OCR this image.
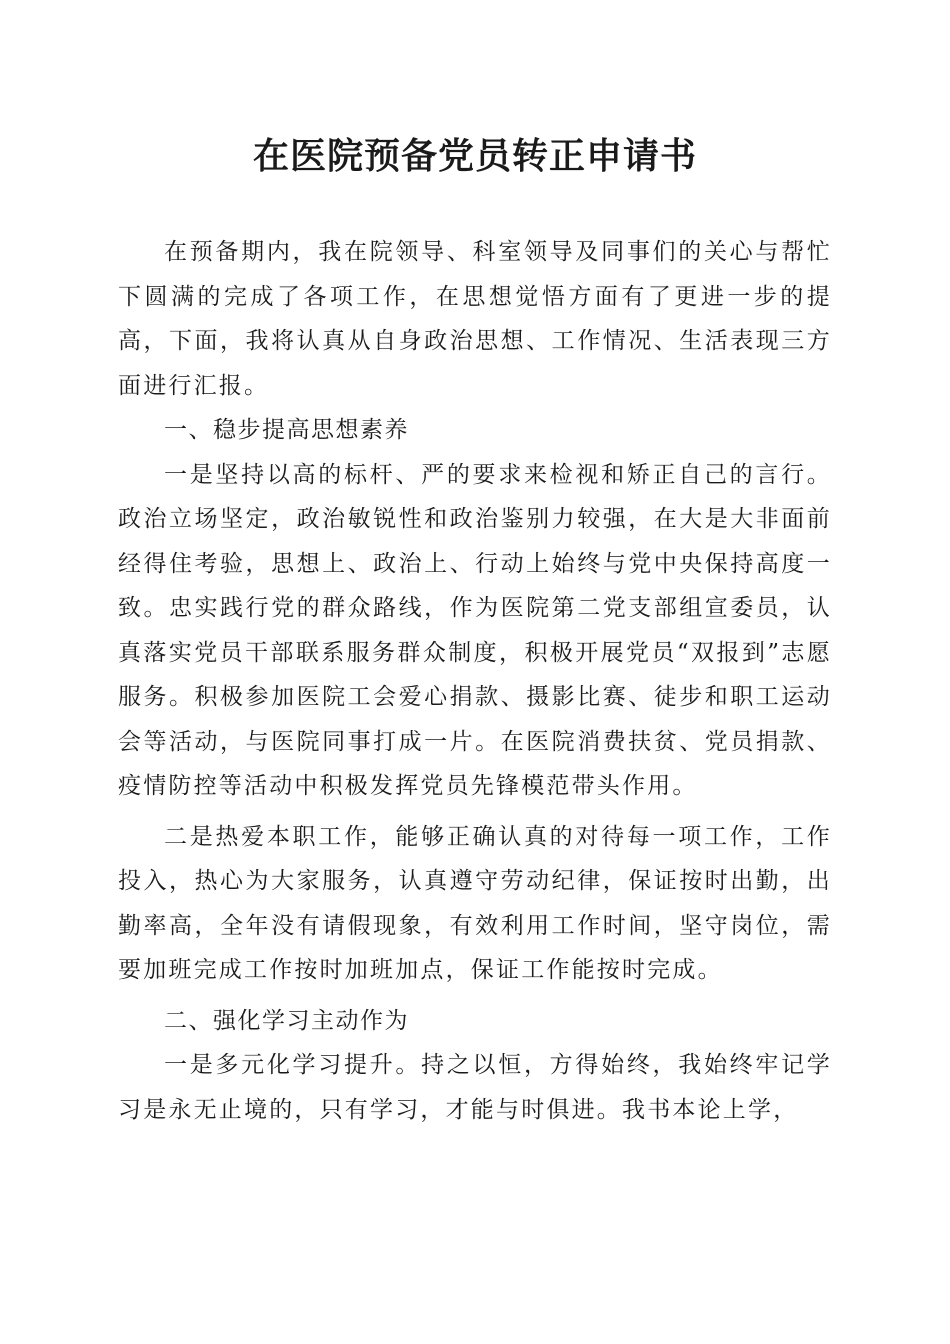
在医院预备党员转正申请书

在预备期内，我在院领导、科室领导及同事们的关心与帮忙下圆满的完成了各项工作，在思想觉悟方面有了更进一步的提高，下面，我将认真从自身政治思想、工作情况、生活表现三方面进行汇报。

一、稳步提高思想素养

一是坚持以高的标杆、严的要求来检视和矫正自己的言行。政治立场坚定，政治敏锐性和政治鉴别力较强，在大是大非面前经得住考验，思想上、政治上、行动上始终与党中央保持高度一致。忠实践行党的群众路线，作为医院第二党支部组宣委员，认真落实党员干部联系服务群众制度，积极开展党员“双报到”志愿服务。积极参加医院工会爱心捐款、摄影比赛、徒步和职工运动会等活动，与医院同事打成一片。在医院消费扶贫、党员捐款、疫情防控等活动中积极发挥党员先锋模范带头作用。

二是热爱本职工作，能够正确认真的对待每一项工作，工作投入，热心为大家服务，认真遵守劳动纪律，保证按时出勤，出勤率高，全年没有请假现象，有效利用工作时间，坚守岗位，需要加班完成工作按时加班加点，保证工作能按时完成。

二、强化学习主动作为

一是多元化学习提升。持之以恒，方得始终，我始终牢记学习是永无止境的，只有学习，才能与时俱进。我书本论上学，
